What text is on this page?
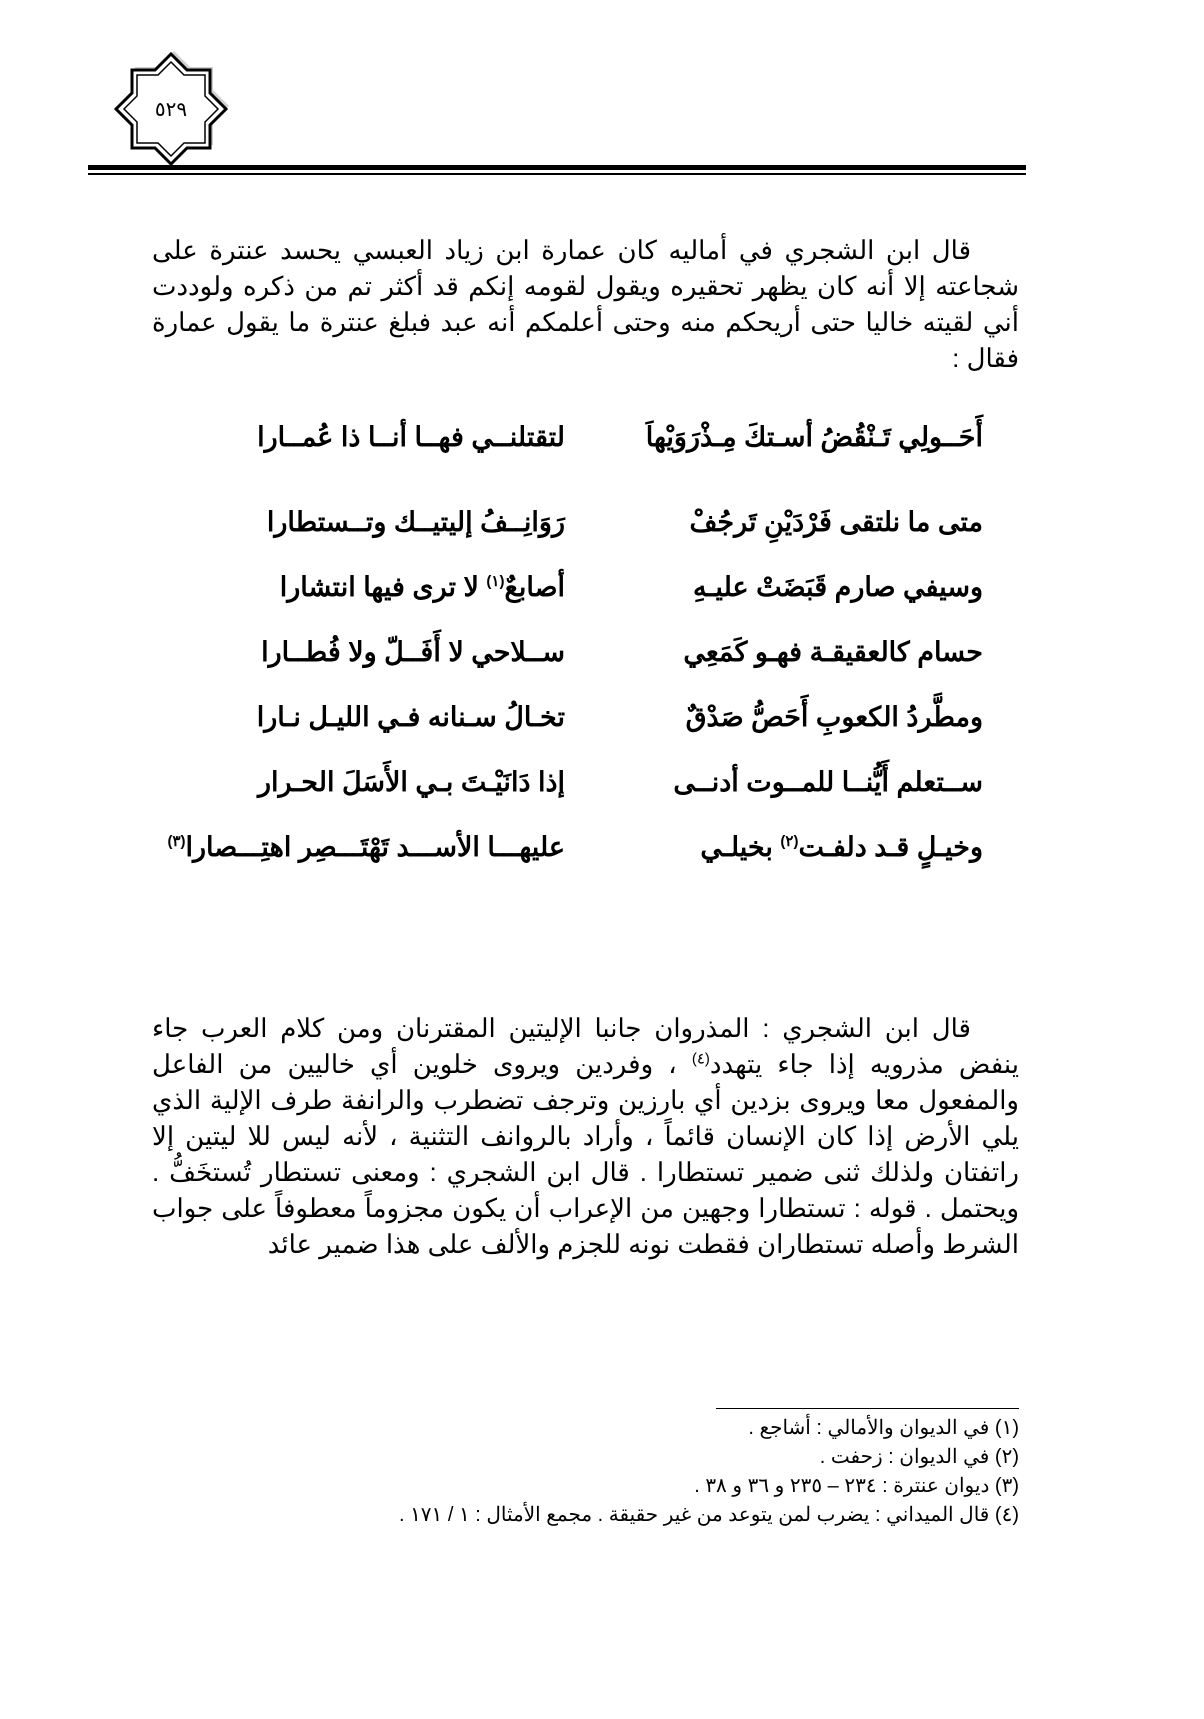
٥٢٩
قال ابن الشجري في أماليه كان عمارة ابن زياد العبسي يحسد عنترة على شجاعته إلا أنه كان يظهر تحقيره ويقول لقومه إنكم قد أكثر تم من ذكره ولوددت أني لقيته خاليا حتى أريحكم منه وحتى أعلمكم أنه عبد فبلغ عنترة ما يقول عمارة فقال :
أَحَــولِي تَـنْقُضُ أسـتكَ مِـذْرَوَيْهاَ
لتقتلنــي فهــا أنــا ذا عُمــارا
متى ما نلتقى فَرْدَيْنِ تَرجُفْ
رَوَانِــفُ إليتيــك وتــستطارا
وسيفي صارم قَبَضَتْ عليـهِ
أصابعٌ$^{(١)}$ لا ترى فيها انتشارا
حسام كالعقيقـة فهـو كَمَعِي
ســلاحي لا أَفَــلّ ولا فُطــارا
ومطَّردُ الكعوبِ أَحَصُّ صَدْقٌ
تخـالُ سـنانه فـي الليـل نـارا
ســتعلم أَيُّنــا للمــوت أدنــى
إذا دَانَيْـتَ بـي الأَسَلَ الحـرار
وخيـلٍ قـد دلفـت$^{(٢)}$ بخيلـي
عليهـــا الأســـد تَهْتَـــصِر اهتِـــصارا$^{(٣)}$
قال ابن الشجري : المذروان جانبا الإليتين المقترنان ومن كلام العرب جاء ينفض مذرويه إذا جاء يتهدد$^{(٤)}$ ، وفردين ويروى خلوين أي خاليين من الفاعل والمفعول معا ويروى بزدين أي بارزين وترجف تضطرب والرانفة طرف الإلية الذي يلي الأرض إذا كان الإنسان قائماً ، وأراد بالروانف التثنية ، لأنه ليس للا ليتين إلا راتفتان ولذلك ثنى ضمير تستطارا . قال ابن الشجري : ومعنى تستطار تُستخَفُّ . ويحتمل . قوله : تستطارا وجهين من الإعراب أن يكون مجزوماً معطوفاً على جواب الشرط وأصله تستطاران فقطت نونه للجزم والألف على هذا ضمير عائد
(١) في الديوان والأمالي : أشاجع .
(٢) في الديوان : زحفت .
(٣) ديوان عنترة : ٢٣٤ – ٢٣٥ و ٣٦ و ٣٨ .
(٤) قال الميداني : يضرب لمن يتوعد من غير حقيقة . مجمع الأمثال : ١ / ١٧١ .
